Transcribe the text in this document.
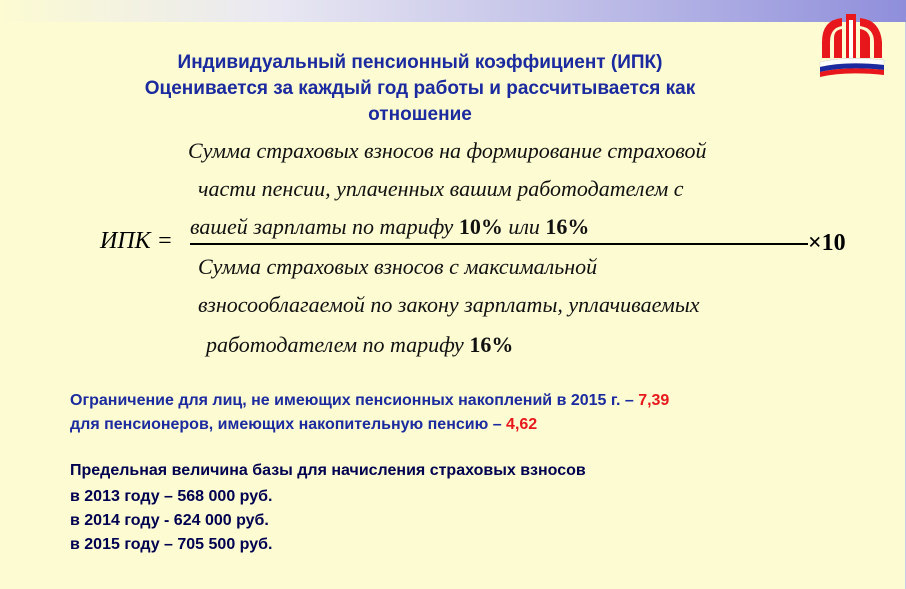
Индивидуальный пенсионный коэффициент (ИПК)
Оценивается за каждый год работы и рассчитывается как
отношение
ИПК =
Сумма страховых взносов на формирование страховой
части пенсии, уплаченных вашим работодателем с
вашей зарплаты по тарифу 10% или 16%
×10
Сумма страховых взносов с максимальной
взносооблагаемой по закону зарплаты, уплачиваемых
работодателем по тарифу 16%
Ограничение для лиц, не имеющих пенсионных накоплений в 2015 г. – 7,39
для пенсионеров, имеющих накопительную пенсию – 4,62
Предельная величина базы для начисления страховых взносов
в 2013 году – 568 000 руб.
в 2014 году - 624 000 руб.
в 2015 году – 705 500 руб.
